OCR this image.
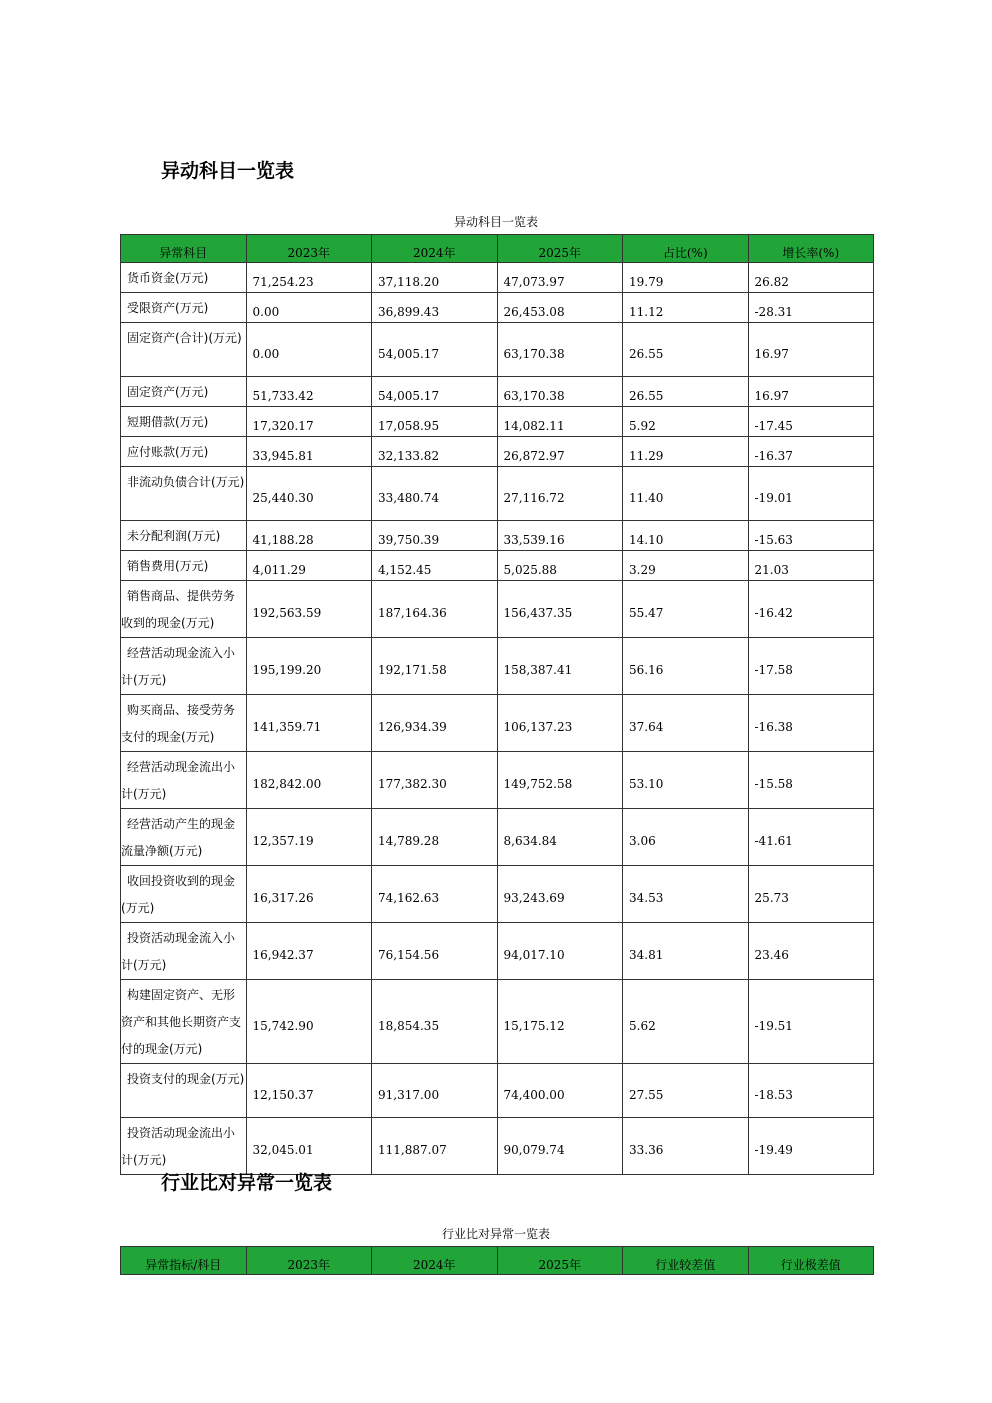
异动科目一览表
异动科目一览表
异常科目	2023年	2024年	2025年	占比(%)	增长率(%)
货币资金(万元)	71,254.23	37,118.20	47,073.97	19.79	26.82
受限资产(万元)	0.00	36,899.43	26,453.08	11.12	-28.31
固定资产(合计)(万元)	0.00	54,005.17	63,170.38	26.55	16.97
固定资产(万元)	51,733.42	54,005.17	63,170.38	26.55	16.97
短期借款(万元)	17,320.17	17,058.95	14,082.11	5.92	-17.45
应付账款(万元)	33,945.81	32,133.82	26,872.97	11.29	-16.37
非流动负债合计(万元)	25,440.30	33,480.74	27,116.72	11.40	-19.01
未分配利润(万元)	41,188.28	39,750.39	33,539.16	14.10	-15.63
销售费用(万元)	4,011.29	4,152.45	5,025.88	3.29	21.03
销售商品、提供劳务收到的现金(万元)	192,563.59	187,164.36	156,437.35	55.47	-16.42
经营活动现金流入小计(万元)	195,199.20	192,171.58	158,387.41	56.16	-17.58
购买商品、接受劳务支付的现金(万元)	141,359.71	126,934.39	106,137.23	37.64	-16.38
经营活动现金流出小计(万元)	182,842.00	177,382.30	149,752.58	53.10	-15.58
经营活动产生的现金流量净额(万元)	12,357.19	14,789.28	8,634.84	3.06	-41.61
收回投资收到的现金(万元)	16,317.26	74,162.63	93,243.69	34.53	25.73
投资活动现金流入小计(万元)	16,942.37	76,154.56	94,017.10	34.81	23.46
构建固定资产、无形资产和其他长期资产支付的现金(万元)	15,742.90	18,854.35	15,175.12	5.62	-19.51
投资支付的现金(万元)	12,150.37	91,317.00	74,400.00	27.55	-18.53
投资活动现金流出小计(万元)	32,045.01	111,887.07	90,079.74	33.36	-19.49
行业比对异常一览表
行业比对异常一览表
异常指标/科目	2023年	2024年	2025年	行业较差值	行业极差值
